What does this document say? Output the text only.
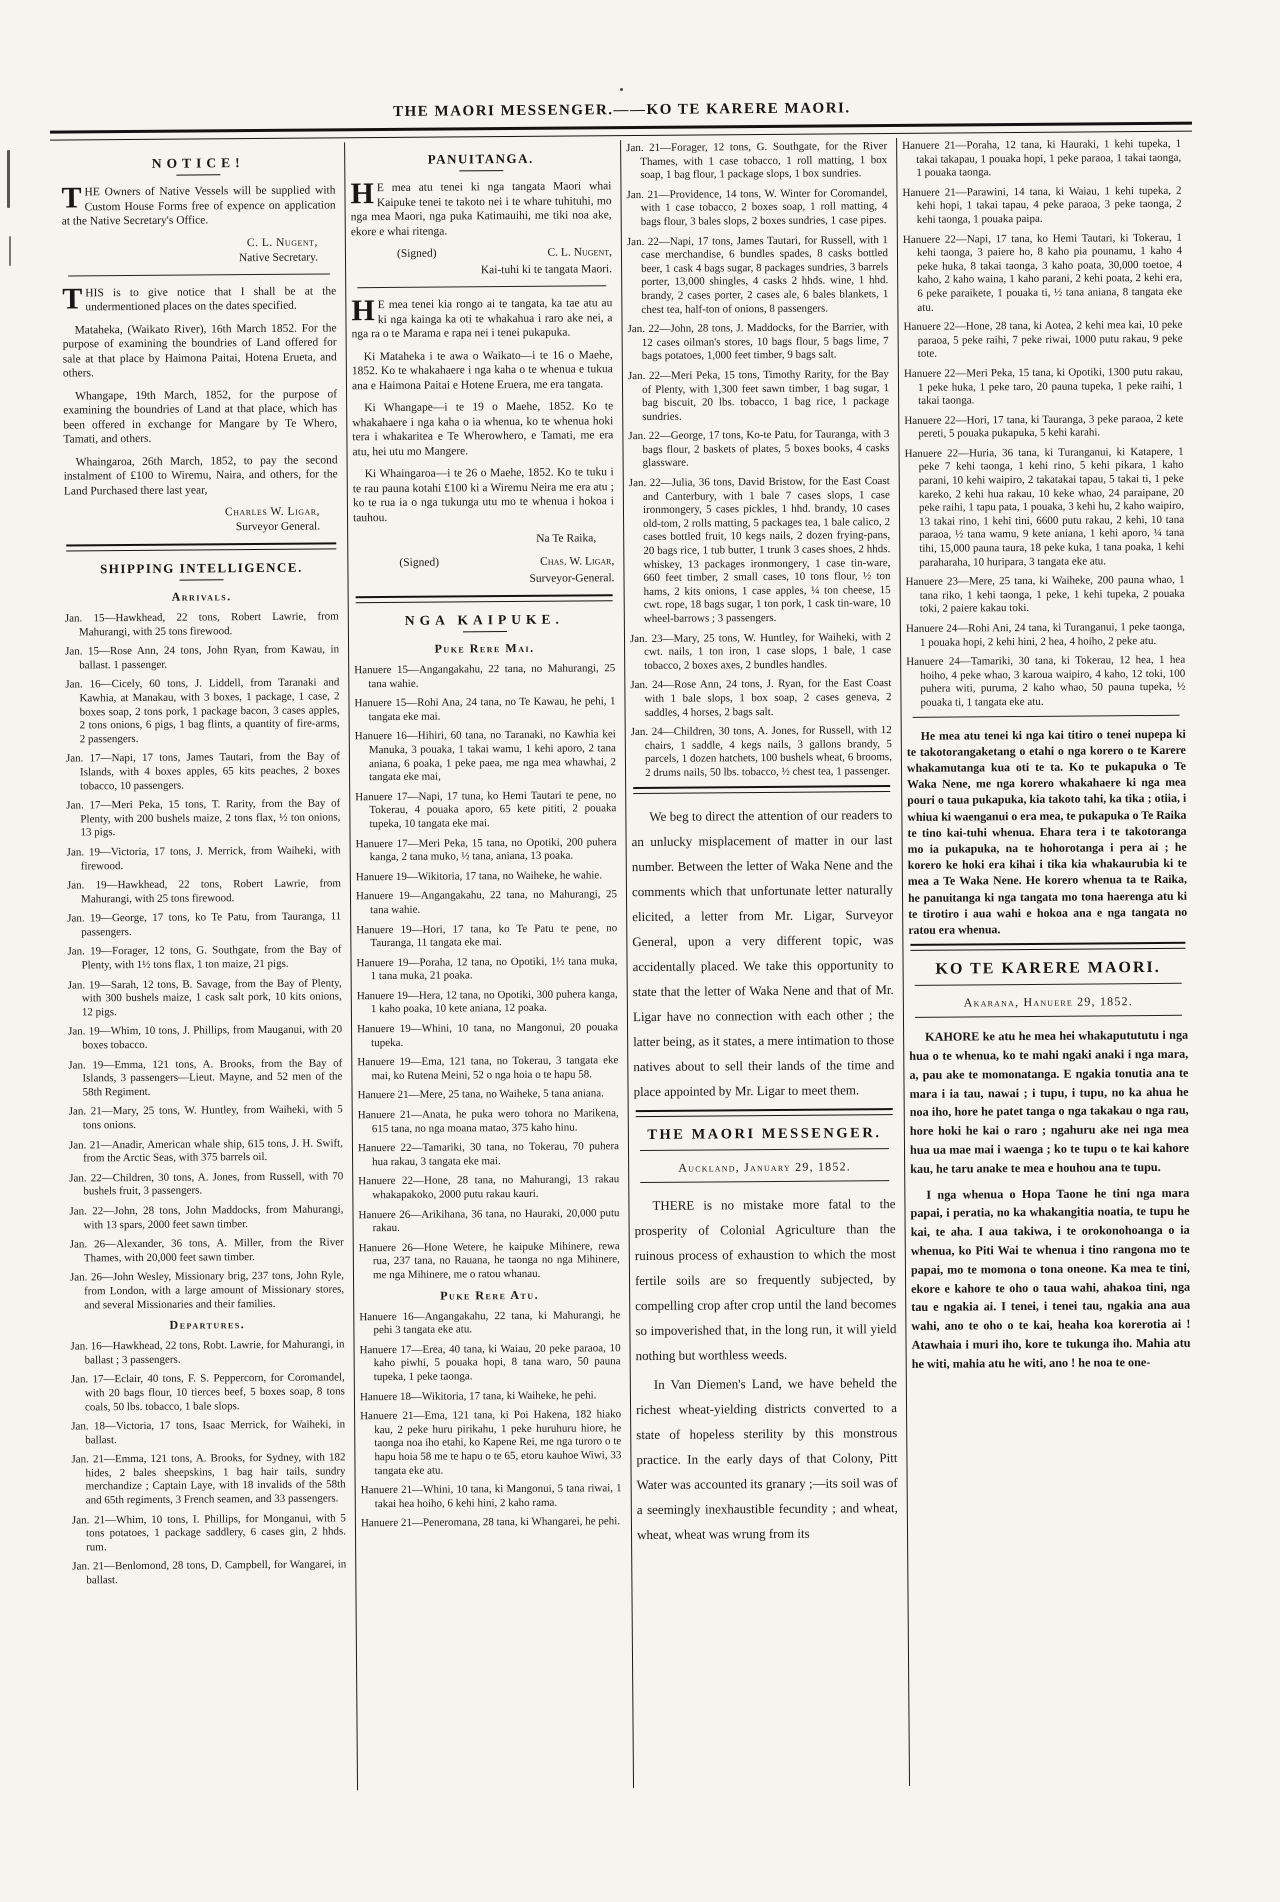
THE MAORI MESSENGER.——KO TE KARERE MAORI.
NOTICE!

THE Owners of Native Vessels will be supplied with Custom House Forms free of expence on application at the Native Secretary's Office.

C. L. Nugent,
Native Secretary.

THIS is to give notice that I shall be at the undermentioned places on the dates specified.

Mataheka, (Waikato River), 16th March 1852. For the purpose of examining the boundries of Land offered for sale at that place by Haimona Paitai, Hotena Erueta, and others.

Whangape, 19th March, 1852, for the purpose of examining the boundries of Land at that place, which has been offered in exchange for Mangare by Te Whero, Tamati, and others.

Whaingaroa, 26th March, 1852, to pay the second instalment of £100 to Wiremu, Naira, and others, for the Land Purchased there last year,

Charles W. Ligar,
Surveyor General.
SHIPPING INTELLIGENCE.
Arrivals.

Jan. 15—Hawkhead, 22 tons, Robert Lawrie, from Mahurangi, with 25 tons firewood.

Jan. 15—Rose Ann, 24 tons, John Ryan, from Kawau, in ballast. 1 passenger.

Jan. 16—Cicely, 60 tons, J. Liddell, from Taranaki and Kawhia, at Manakau, with 3 boxes, 1 package, 1 case, 2 boxes soap, 2 tons pork, 1 package bacon, 3 cases apples, 2 tons onions, 6 pigs, 1 bag flints, a quantity of fire-arms, 2 passengers.

Jan. 17—Napi, 17 tons, James Tautari, from the Bay of Islands, with 4 boxes apples, 65 kits peaches, 2 boxes tobacco, 10 passengers.

Jan. 17—Meri Peka, 15 tons, T. Rarity, from the Bay of Plenty, with 200 bushels maize, 2 tons flax, ½ ton onions, 13 pigs.

Jan. 19—Victoria, 17 tons, J. Merrick, from Waiheki, with firewood.

Jan. 19—Hawkhead, 22 tons, Robert Lawrie, from Mahurangi, with 25 tons firewood.

Jan. 19—George, 17 tons, ko Te Patu, from Tauranga, 11 passengers.

Jan. 19—Forager, 12 tons, G. Southgate, from the Bay of Plenty, with 1½ tons flax, 1 ton maize, 21 pigs.

Jan. 19—Sarah, 12 tons, B. Savage, from the Bay of Plenty, with 300 bushels maize, 1 cask salt pork, 10 kits onions, 12 pigs.

Jan. 19—Whim, 10 tons, J. Phillips, from Mauganui, with 20 boxes tobacco.

Jan. 19—Emma, 121 tons, A. Brooks, from the Bay of Islands, 3 passengers—Lieut. Mayne, and 52 men of the 58th Regiment.

Jan. 21—Mary, 25 tons, W. Huntley, from Waiheki, with 5 tons onions.

Jan. 21—Anadir, American whale ship, 615 tons, J. H. Swift, from the Arctic Seas, with 375 barrels oil.

Jan. 22—Children, 30 tons, A. Jones, from Russell, with 70 bushels fruit, 3 passengers.

Jan. 22—John, 28 tons, John Maddocks, from Mahurangi, with 13 spars, 2000 feet sawn timber.

Jan. 26—Alexander, 36 tons, A. Miller, from the River Thames, with 20,000 feet sawn timber.

Jan. 26—John Wesley, Missionary brig, 237 tons, John Ryle, from London, with a large amount of Missionary stores, and several Missionaries and their families.

Departures.

Jan. 16—Hawkhead, 22 tons, Robt. Lawrie, for Mahurangi, in ballast ; 3 passengers.

Jan. 17—Eclair, 40 tons, F. S. Peppercorn, for Coromandel, with 20 bags flour, 10 tierces beef, 5 boxes soap, 8 tons coals, 50 lbs. tobacco, 1 bale slops.

Jan. 18—Victoria, 17 tons, Isaac Merrick, for Waiheki, in ballast.

Jan. 21—Emma, 121 tons, A. Brooks, for Sydney, with 182 hides, 2 bales sheepskins, 1 bag hair tails, sundry merchandize ; Captain Laye, with 18 invalids of the 58th and 65th regiments, 3 French seamen, and 33 passengers.

Jan. 21—Whim, 10 tons, I. Phillips, for Monganui, with 5 tons potatoes, 1 package saddlery, 6 cases gin, 2 hhds. rum.

Jan. 21—Benlomond, 28 tons, D. Campbell, for Wangarei, in ballast.

PANUITANGA.

HE mea atu tenei ki nga tangata Maori whai Kaipuke tenei te takoto nei i te whare tuhituhi, mo nga mea Maori, nga puka Katimauihi, me tiki noa ake, ekore e whai ritenga.

(Signed)	C. L. Nugent,
Kai-tuhi ki te tangata Maori.

HE mea tenei kia rongo ai te tangata, ka tae atu au ki nga kainga ka oti te whakahua i raro ake nei, a nga ra o te Marama e rapa nei i tenei pukapuka.

Ki Mataheka i te awa o Waikato—i te 16 o Maehe, 1852. Ko te whakahaere i nga kaha o te whenua e tukua ana e Haimona Paitai e Hotene Eruera, me era tangata.

Ki Whangape—i te 19 o Maehe, 1852. Ko te whakahaere i nga kaha o ia whenua, ko te whenua hoki tera i whakaritea e Te Wherowhero, e Tamati, me era atu, hei utu mo Mangere.

Ki Whaingaroa—i te 26 o Maehe, 1852. Ko te tuku i te rau pauna kotahi £100 ki a Wiremu Neira me era atu ; ko te rua ia o nga tukunga utu mo te whenua i hokoa i tauhou.

Na Te Raika,
(Signed)	Chas. W. Ligar,
Surveyor-General.
NGA KAIPUKE.
Puke Rere Mai.

Hanuere 15—Angangakahu, 22 tana, no Mahurangi, 25 tana wahie.

Hanuere 15—Rohi Ana, 24 tana, no Te Kawau, he pehi, 1 tangata eke mai.

Hanuere 16—Hihiri, 60 tana, no Taranaki, no Kawhia kei Manuka, 3 pouaka, 1 takai wamu, 1 kehi aporo, 2 tana aniana, 6 poaka, 1 peke paea, me nga mea whawhai, 2 tangata eke mai,

Hanuere 17—Napi, 17 tuna, ko Hemi Tautari te pene, no Tokerau, 4 pouaka aporo, 65 kete pititi, 2 pouaka tupeka, 10 tangata eke mai.

Hanuere 17—Meri Peka, 15 tana, no Opotiki, 200 puhera kanga, 2 tana muko, ½ tana, aniana, 13 poaka.

Hanuere 19—Wikitoria, 17 tana, no Waiheke, he wahie.

Hanuere 19—Angangakahu, 22 tana, no Mahurangi, 25 tana wahie.

Hanuere 19—Hori, 17 tana, ko Te Patu te pene, no Tauranga, 11 tangata eke mai.

Hanuere 19—Poraha, 12 tana, no Opotiki, 1½ tana muka, 1 tana muka, 21 poaka.

Hanuere 19—Hera, 12 tana, no Opotiki, 300 puhera kanga, 1 kaho poaka, 10 kete aniana, 12 poaka.

Hanuere 19—Whini, 10 tana, no Mangonui, 20 pouaka tupeka.

Hanuere 19—Ema, 121 tana, no Tokerau, 3 tangata eke mai, ko Rutena Meini, 52 o nga hoia o te hapu 58.

Hanuere 21—Mere, 25 tana, no Waiheke, 5 tana aniana.

Hanuere 21—Anata, he puka wero tohora no Marikena, 615 tana, no nga moana matao, 375 kaho hinu.

Hanuere 22—Tamariki, 30 tana, no Tokerau, 70 puhera hua rakau, 3 tangata eke mai.

Hanuere 22—Hone, 28 tana, no Mahurangi, 13 rakau whakapakoko, 2000 putu rakau kauri.

Hanuere 26—Arikihana, 36 tana, no Hauraki, 20,000 putu rakau.

Hanuere 26—Hone Wetere, he kaipuke Mihinere, rewa rua, 237 tana, no Rauana, he taonga no nga Mihinere, me nga Mihinere, me o ratou whanau.

Puke Rere Atu.

Hanuere 16—Angangakahu, 22 tana, ki Mahurangi, he pehi 3 tangata eke atu.

Hanuere 17—Erea, 40 tana, ki Waiau, 20 peke paraoa, 10 kaho piwhi, 5 pouaka hopi, 8 tana waro, 50 pauna tupeka, 1 peke taonga.

Hanuere 18—Wikitoria, 17 tana, ki Waiheke, he pehi.

Hanuere 21—Ema, 121 tana, ki Poi Hakena, 182 hiako kau, 2 peke huru pirikahu, 1 peke huruhuru hiore, he taonga noa iho etahi, ko Kapene Rei, me nga turoro o te hapu hoia 58 me te hapu o te 65, etoru kauhoe Wiwi, 33 tangata eke atu.

Hanuere 21—Whini, 10 tana, ki Mangonui, 5 tana riwai, 1 takai hea hoiho, 6 kehi hini, 2 kaho rama.

Hanuere 21—Peneromana, 28 tana, ki Whangarei, he pehi.

Jan. 21—Forager, 12 tons, G. Southgate, for the River Thames, with 1 case tobacco, 1 roll matting, 1 box soap, 1 bag flour, 1 package slops, 1 box sundries.

Jan. 21—Providence, 14 tons, W. Winter for Coromandel, with 1 case tobacco, 2 boxes soap, 1 roll matting, 4 bags flour, 3 bales slops, 2 boxes sundries, 1 case pipes.

Jan. 22—Napi, 17 tons, James Tautari, for Russell, with 1 case merchandise, 6 bundles spades, 8 casks bottled beer, 1 cask 4 bags sugar, 8 packages sundries, 3 barrels porter, 13,000 shingles, 4 casks 2 hhds. wine, 1 hhd. brandy, 2 cases porter, 2 cases ale, 6 bales blankets, 1 chest tea, half-ton of onions, 8 passengers.

Jan. 22—John, 28 tons, J. Maddocks, for the Barrier, with 12 cases oilman's stores, 10 bags flour, 5 bags lime, 7 bags potatoes, 1,000 feet timber, 9 bags salt.

Jan. 22—Meri Peka, 15 tons, Timothy Rarity, for the Bay of Plenty, with 1,300 feet sawn timber, 1 bag sugar, 1 bag biscuit, 20 lbs. tobacco, 1 bag rice, 1 package sundries.

Jan. 22—George, 17 tons, Ko-te Patu, for Tauranga, with 3 bags flour, 2 baskets of plates, 5 boxes books, 4 casks glassware.

Jan. 22—Julia, 36 tons, David Bristow, for the East Coast and Canterbury, with 1 bale 7 cases slops, 1 case ironmongery, 5 cases pickles, 1 hhd. brandy, 10 cases old-tom, 2 rolls matting, 5 packages tea, 1 bale calico, 2 cases bottled fruit, 10 kegs nails, 2 dozen frying-pans, 20 bags rice, 1 tub butter, 1 trunk 3 cases shoes, 2 hhds. whiskey, 13 packages ironmongery, 1 case tin-ware, 660 feet timber, 2 small cases, 10 tons flour, ½ ton hams, 2 kits onions, 1 case apples, ¼ ton cheese, 15 cwt. rope, 18 bags sugar, 1 ton pork, 1 cask tin-ware, 10 wheel-barrows ; 3 passengers.

Jan. 23—Mary, 25 tons, W. Huntley, for Waiheki, with 2 cwt. nails, 1 ton iron, 1 case slops, 1 bale, 1 case tobacco, 2 boxes axes, 2 bundles handles.

Jan. 24—Rose Ann, 24 tons, J. Ryan, for the East Coast with 1 bale slops, 1 box soap, 2 cases geneva, 2 saddles, 4 horses, 2 bags salt.

Jan. 24—Children, 30 tons, A. Jones, for Russell, with 12 chairs, 1 saddle, 4 kegs nails, 3 gallons brandy, 5 parcels, 1 dozen hatchets, 100 bushels wheat, 6 brooms, 2 drums nails, 50 lbs. tobacco, ½ chest tea, 1 passenger.

We beg to direct the attention of our readers to an unlucky misplacement of matter in our last number. Between the letter of Waka Nene and the comments which that unfortunate letter naturally elicited, a letter from Mr. Ligar, Surveyor General, upon a very different topic, was accidentally placed. We take this opportunity to state that the letter of Waka Nene and that of Mr. Ligar have no connection with each other ; the latter being, as it states, a mere intimation to those natives about to sell their lands of the time and place appointed by Mr. Ligar to meet them.

THE MAORI MESSENGER.
Auckland, January 29, 1852.

THERE is no mistake more fatal to the prosperity of Colonial Agriculture than the ruinous process of exhaustion to which the most fertile soils are so frequently subjected, by compelling crop after crop until the land becomes so impoverished that, in the long run, it will yield nothing but worthless weeds.

In Van Diemen's Land, we have beheld the richest wheat-yielding districts converted to a state of hopeless sterility by this monstrous practice. In the early days of that Colony, Pitt Water was accounted its granary ;—its soil was of a seemingly inexhaustible fecundity ; and wheat, wheat, wheat was wrung from its

Hanuere 21—Poraha, 12 tana, ki Hauraki, 1 kehi tupeka, 1 takai takapau, 1 pouaka hopi, 1 peke paraoa, 1 takai taonga, 1 pouaka taonga.

Hanuere 21—Parawini, 14 tana, ki Waiau, 1 kehi tupeka, 2 kehi hopi, 1 takai tapau, 4 peke paraoa, 3 peke taonga, 2 kehi taonga, 1 pouaka paipa.

Hanuere 22—Napi, 17 tana, ko Hemi Tautari, ki Tokerau, 1 kehi taonga, 3 paiere ho, 8 kaho pia pounamu, 1 kaho 4 peke huka, 8 takai taonga, 3 kaho poata, 30,000 toetoe, 4 kaho, 2 kaho waina, 1 kaho parani, 2 kehi poata, 2 kehi era, 6 peke paraikete, 1 pouaka ti, ½ tana aniana, 8 tangata eke atu.

Hanuere 22—Hone, 28 tana, ki Aotea, 2 kehi mea kai, 10 peke paraoa, 5 peke raihi, 7 peke riwai, 1000 putu rakau, 9 peke tote.

Hanuere 22—Meri Peka, 15 tana, ki Opotiki, 1300 putu rakau, 1 peke huka, 1 peke taro, 20 pauna tupeka, 1 peke raihi, 1 takai taonga.

Hanuere 22—Hori, 17 tana, ki Tauranga, 3 peke paraoa, 2 kete pereti, 5 pouaka pukapuka, 5 kehi karahi.

Hanuere 22—Huria, 36 tana, ki Turanganui, ki Katapere, 1 peke 7 kehi taonga, 1 kehi rino, 5 kehi pikara, 1 kaho parani, 10 kehi waipiro, 2 takatakai tapau, 5 takai ti, 1 peke kareko, 2 kehi hua rakau, 10 keke whao, 24 paraipane, 20 peke raihi, 1 tapu pata, 1 pouaka, 3 kehi hu, 2 kaho waipiro, 13 takai rino, 1 kehi tini, 6600 putu rakau, 2 kehi, 10 tana paraoa, ½ tana wamu, 9 kete aniana, 1 kehi aporo, ¼ tana tihi, 15,000 pauna taura, 18 peke kuka, 1 tana poaka, 1 kehi paraharaha, 10 huripara, 3 tangata eke atu.

Hanuere 23—Mere, 25 tana, ki Waiheke, 200 pauna whao, 1 tana riko, 1 kehi taonga, 1 peke, 1 kehi tupeka, 2 pouaka toki, 2 paiere kakau toki.

Hanuere 24—Rohi Ani, 24 tana, ki Turanganui, 1 peke taonga, 1 pouaka hopi, 2 kehi hini, 2 hea, 4 hoiho, 2 peke atu.

Hanuere 24—Tamariki, 30 tana, ki Tokerau, 12 hea, 1 hea hoiho, 4 peke whao, 3 karoua waipiro, 4 kaho, 12 toki, 100 puhera witi, puruma, 2 kaho whao, 50 pauna tupeka, ½ pouaka ti, 1 tangata eke atu.

He mea atu tenei ki nga kai titiro o tenei nupepa ki te takotorangaketang o etahi o nga korero o te Karere whakamutanga kua oti te ta. Ko te pukapuka o Te Waka Nene, me nga korero whakahaere ki nga mea pouri o taua pukapuka, kia takoto tahi, ka tika ; otiia, i whiua ki waenganui o era mea, te pukapuka o Te Raika te tino kai-tuhi whenua. Ehara tera i te takotoranga mo ia pukapuka, na te hohorotanga i pera ai ; he korero ke hoki era kihai i tika kia whakaurubia ki te mea a Te Waka Nene. He korero whenua ta te Raika, he panuitanga ki nga tangata mo tona haerenga atu ki te tirotiro i aua wahi e hokoa ana e nga tangata no ratou era whenua.

KO TE KARERE MAORI.
Akarana, Hanuere 29, 1852.

KAHORE ke atu he mea hei whakaputututu i nga hua o te whenua, ko te mahi ngaki anaki i nga mara, a, pau ake te momonatanga. E ngakia tonutia ana te mara i ia tau, nawai ; i tupu, i tupu, no ka ahua he noa iho, hore he patet tanga o nga takakau o nga rau, hore hoki he kai o raro ; ngahuru ake nei nga mea hua ua mae mai i waenga ; ko te tupu o te kai kahore kau, he taru anake te mea e houhou ana te tupu.

I nga whenua o Hopa Taone he tini nga mara papai, i peratia, no ka whakangitia noatia, te tupu he kai, te aha. I aua takiwa, i te orokonohoanga o ia whenua, ko Piti Wai te whenua i tino rangona mo te papai, mo te momona o tona oneone. Ka mea te tini, ekore e kahore te oho o taua wahi, ahakoa tini, nga tau e ngakia ai. I tenei, i tenei tau, ngakia ana aua wahi, ano te oho o te kai, heaha koa korerotia ai ! Atawhaia i muri iho, kore te tukunga iho. Mahia atu he witi, mahia atu he witi, ano ! he noa te one-
